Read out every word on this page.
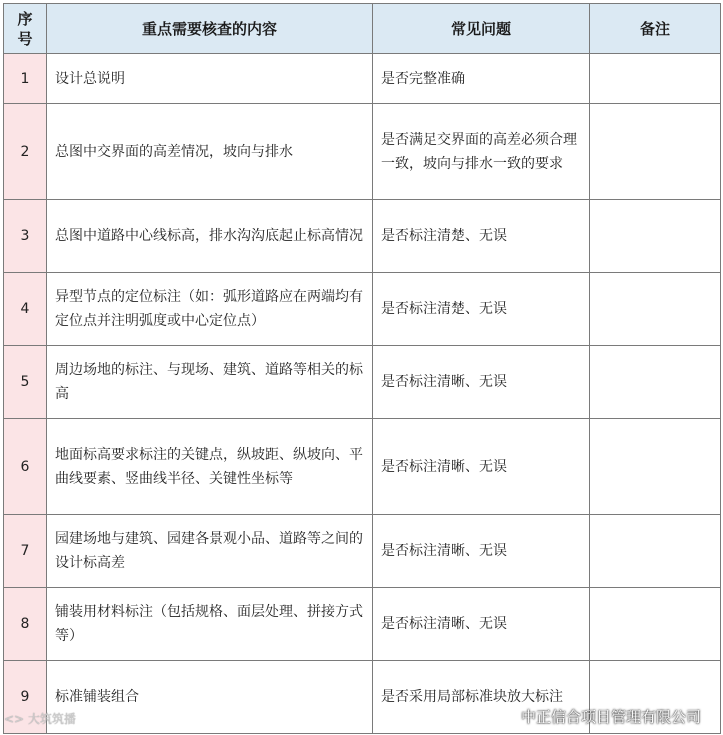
序
号	重点需要核查的内容	常见问题	备注
1	设计总说明	是否完整准确	
2	总图中交界面的高差情况，坡向与排水	是否满足交界面的高差必须合理一致，坡向与排水一致的要求	
3	总图中道路中心线标高，排水沟沟底起止标高情况	是否标注清楚、无误	
4	异型节点的定位标注（如：弧形道路应在两端均有定位点并注明弧度或中心定位点）	是否标注清楚、无误	
5	周边场地的标注、与现场、建筑、道路等相关的标高	是否标注清晰、无误	
6	地面标高要求标注的关键点，纵坡距、纵坡向、平曲线要素、竖曲线半径、关键性坐标等	是否标注清晰、无误	
7	园建场地与建筑、园建各景观小品、道路等之间的设计标高差	是否标注清晰、无误	
8	铺装用材料标注（包括规格、面层处理、拼接方式等）	是否标注清晰、无误	
9	标准铺装组合	是否采用局部标准块放大标注	
<> 大筑筑播	中正信合项目管理有限公司
